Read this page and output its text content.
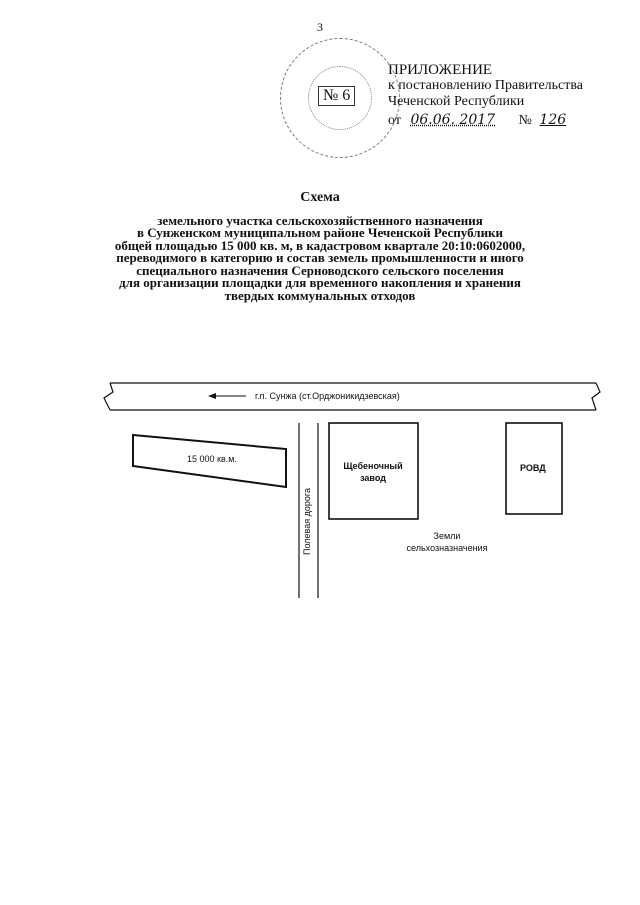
3
№ 6
ПРИЛОЖЕНИЕ
к постановлению Правительства
Чеченской Республики
от 06.06. 2017 № 126
Схема
земельного участка сельскохозяйственного назначения
в Сунженском муниципальном районе Чеченской Республики
общей площадью 15 000 кв. м, в кадастровом квартале 20:10:0602000,
переводимого в категорию и состав земель промышленности и иного
специального назначения Серноводского сельского поселения
для организации площадки для временного накопления и хранения
твердых коммунальных отходов
г.п. Сунжа (ст.Орджоникидзевская)
Полевая дорога
15 000 кв.м.
Щебеночный
завод
РОВД
Земли
сельхозназначения
